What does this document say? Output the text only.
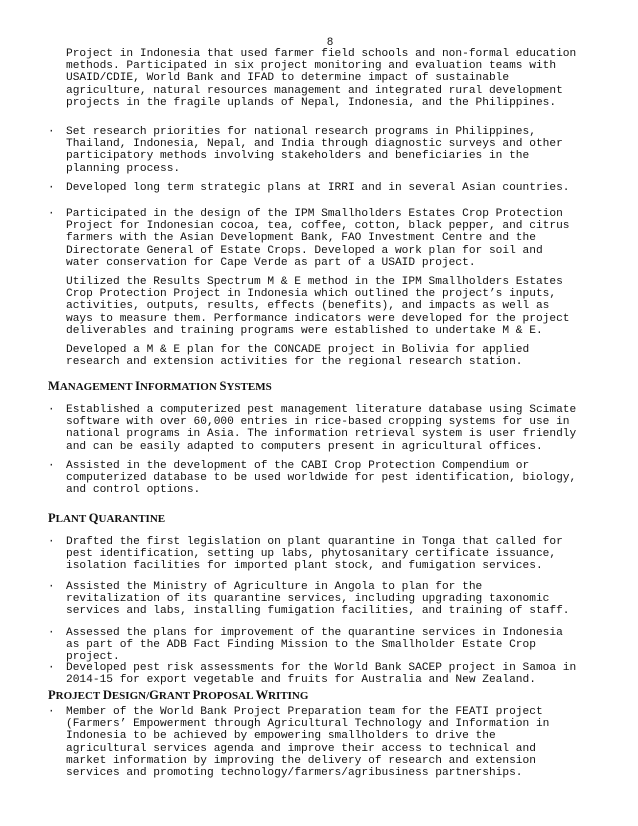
8
Project in Indonesia that used farmer field schools and non-formal education
methods. Participated in six project monitoring and evaluation teams with
USAID/CDIE, World Bank and IFAD to determine impact of sustainable
agriculture, natural resources management and integrated rural development
projects in the fragile uplands of Nepal, Indonesia, and the Philippines.
Set research priorities for national research programs in Philippines,
Thailand, Indonesia, Nepal, and India through diagnostic surveys and other
participatory methods involving stakeholders and beneficiaries in the
planning process.
·
Developed long term strategic plans at IRRI and in several Asian countries.
·
Participated in the design of the IPM Smallholders Estates Crop Protection
Project for Indonesian cocoa, tea, coffee, cotton, black pepper, and citrus
farmers with the Asian Development Bank, FAO Investment Centre and the
Directorate General of Estate Crops. Developed a work plan for soil and
water conservation for Cape Verde as part of a USAID project.
·
Utilized the Results Spectrum M & E method in the IPM Smallholders Estates
Crop Protection Project in Indonesia which outlined the project’s inputs,
activities, outputs, results, effects (benefits), and impacts as well as
ways to measure them. Performance indicators were developed for the project
deliverables and training programs were established to undertake M & E.
Developed a M & E plan for the CONCADE project in Bolivia for applied
research and extension activities for the regional research station.
MANAGEMENT INFORMATION SYSTEMS
Established a computerized pest management literature database using Scimate
software with over 60,000 entries in rice-based cropping systems for use in
national programs in Asia. The information retrieval system is user friendly
and can be easily adapted to computers present in agricultural offices.
·
Assisted in the development of the CABI Crop Protection Compendium or
computerized database to be used worldwide for pest identification, biology,
and control options.
·
PLANT QUARANTINE
Drafted the first legislation on plant quarantine in Tonga that called for
pest identification, setting up labs, phytosanitary certificate issuance,
isolation facilities for imported plant stock, and fumigation services.
·
Assisted the Ministry of Agriculture in Angola to plan for the
revitalization of its quarantine services, including upgrading taxonomic
services and labs, installing fumigation facilities, and training of staff.
·
Assessed the plans for improvement of the quarantine services in Indonesia
as part of the ADB Fact Finding Mission to the Smallholder Estate Crop
project.
·
Developed pest risk assessments for the World Bank SACEP project in Samoa in
2014-15 for export vegetable and fruits for Australia and New Zealand.
·
PROJECT DESIGN/GRANT PROPOSAL WRITING
Member of the World Bank Project Preparation team for the FEATI project
(Farmers’ Empowerment through Agricultural Technology and Information in
Indonesia to be achieved by empowering smallholders to drive the
agricultural services agenda and improve their access to technical and
market information by improving the delivery of research and extension
services and promoting technology/farmers/agribusiness partnerships.
·
